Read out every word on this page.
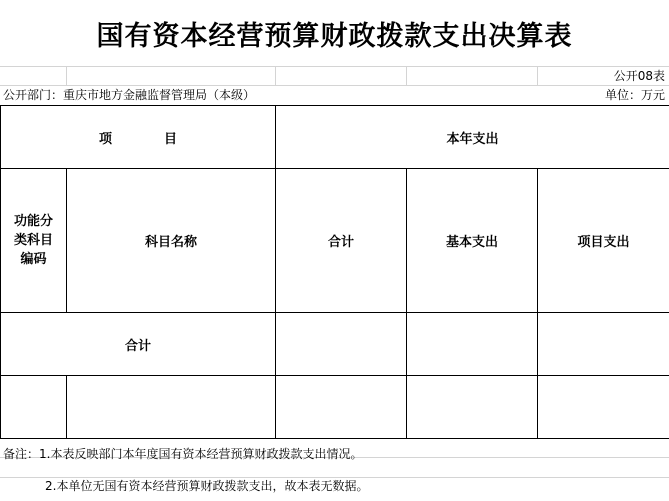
国有资本经营预算财政拨款支出决算表
公开08表
公开部门：重庆市地方金融监督管理局（本级）	单位：万元
项　　　　目		本年支出		

功能分类科目编码	科目名称	合计	基本支出	项目支出
合计				

备注：1.本表反映部门本年度国有资本经营预算财政拨款支出情况。
2.本单位无国有资本经营预算财政拨款支出，故本表无数据。
